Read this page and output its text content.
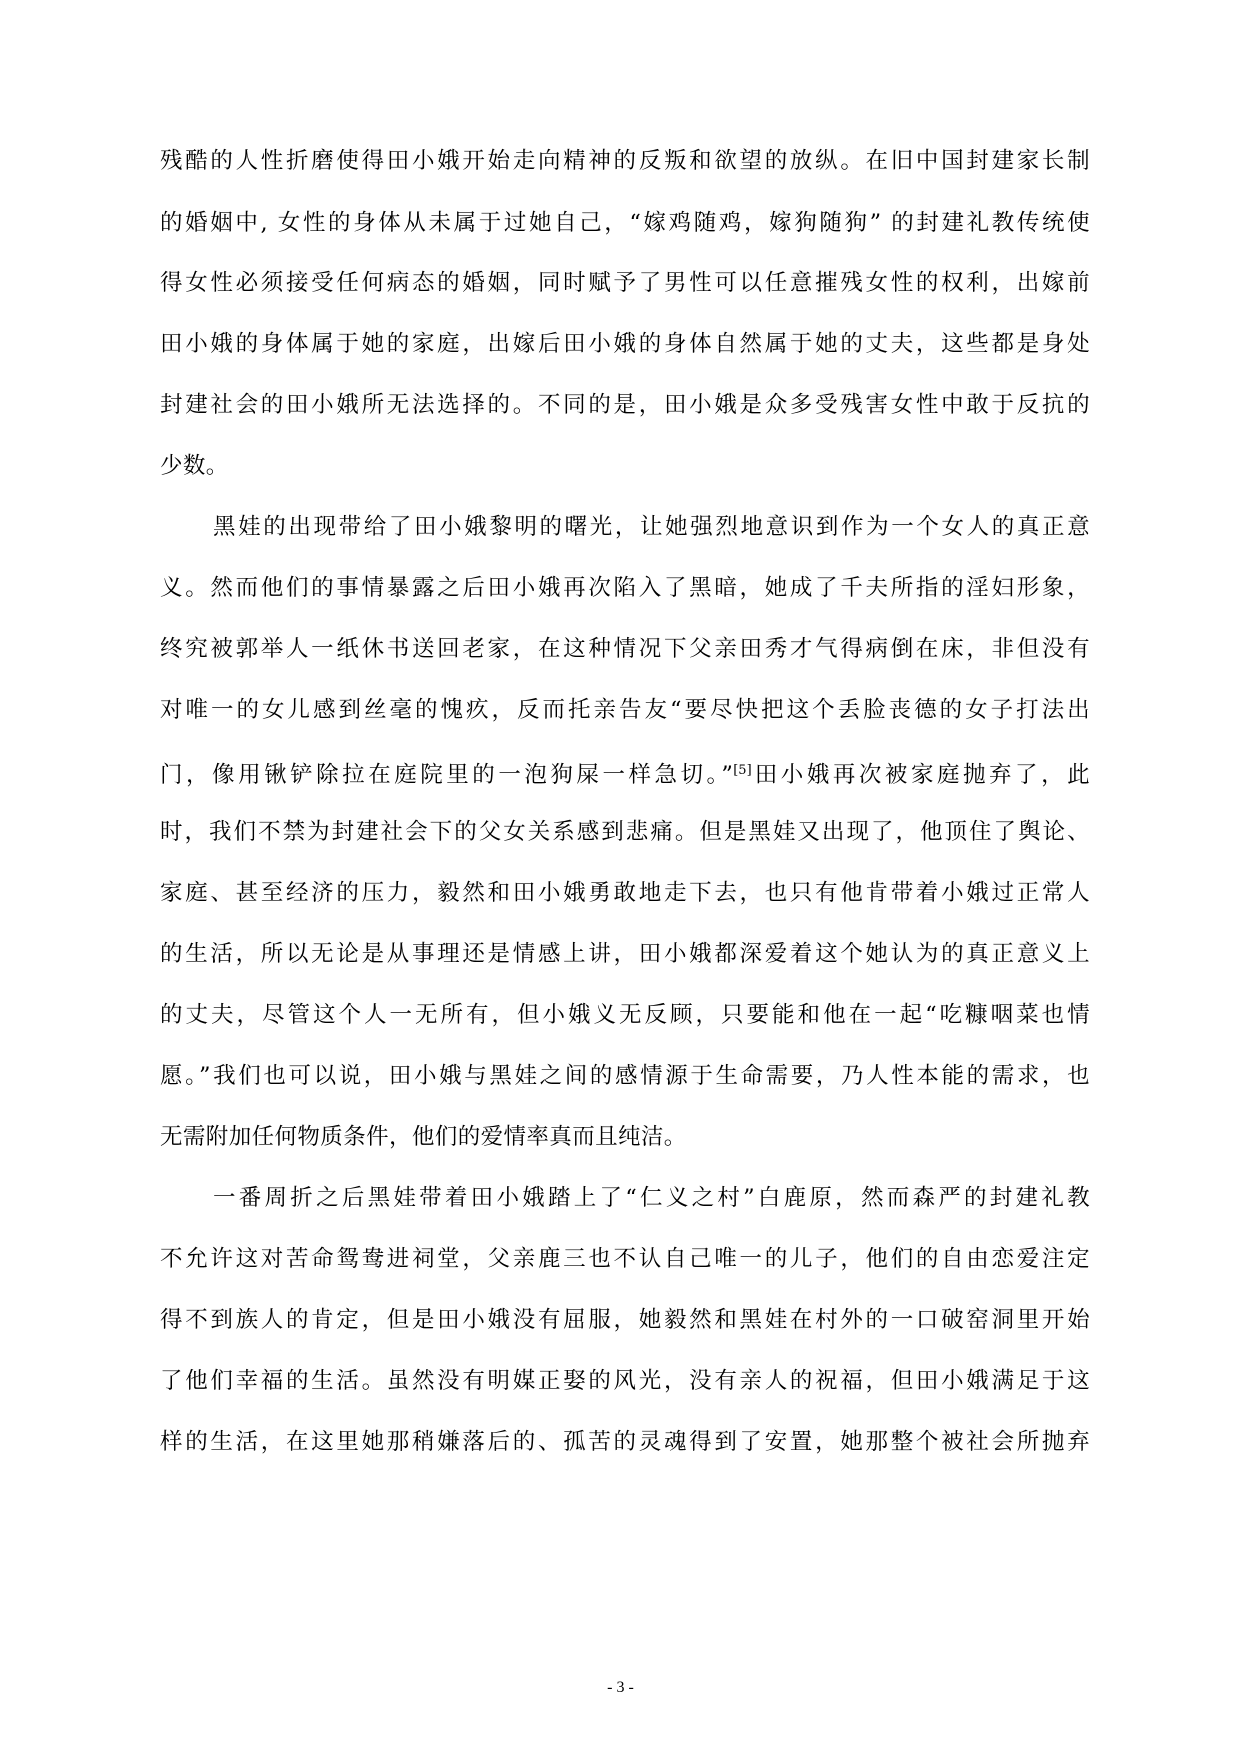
残酷的人性折磨使得田小娥开始走向精神的反叛和欲望的放纵。在旧中国封建家长制

的婚姻中, 女性的身体从未属于过她自己，“嫁鸡随鸡，嫁狗随狗” 的封建礼教传统使

得女性必须接受任何病态的婚姻，同时赋予了男性可以任意摧残女性的权利，出嫁前

田小娥的身体属于她的家庭，出嫁后田小娥的身体自然属于她的丈夫，这些都是身处

封建社会的田小娥所无法选择的。不同的是，田小娥是众多受残害女性中敢于反抗的

少数。

黑娃的出现带给了田小娥黎明的曙光，让她强烈地意识到作为一个女人的真正意

义。然而他们的事情暴露之后田小娥再次陷入了黑暗，她成了千夫所指的淫妇形象，

终究被郭举人一纸休书送回老家，在这种情况下父亲田秀才气得病倒在床，非但没有

对唯一的女儿感到丝毫的愧疚，反而托亲告友“要尽快把这个丢脸丧德的女子打法出

门，像用锹铲除拉在庭院里的一泡狗屎一样急切。”[5]田小娥再次被家庭抛弃了，此

时，我们不禁为封建社会下的父女关系感到悲痛。但是黑娃又出现了，他顶住了舆论、

家庭、甚至经济的压力，毅然和田小娥勇敢地走下去，也只有他肯带着小娥过正常人

的生活，所以无论是从事理还是情感上讲，田小娥都深爱着这个她认为的真正意义上

的丈夫，尽管这个人一无所有，但小娥义无反顾，只要能和他在一起“吃糠咽菜也情

愿。”我们也可以说，田小娥与黑娃之间的感情源于生命需要，乃人性本能的需求，也

无需附加任何物质条件，他们的爱情率真而且纯洁。

一番周折之后黑娃带着田小娥踏上了“仁义之村”白鹿原，然而森严的封建礼教

不允许这对苦命鸳鸯进祠堂，父亲鹿三也不认自己唯一的儿子，他们的自由恋爱注定

得不到族人的肯定，但是田小娥没有屈服，她毅然和黑娃在村外的一口破窑洞里开始

了他们幸福的生活。虽然没有明媒正娶的风光，没有亲人的祝福，但田小娥满足于这

样的生活，在这里她那稍嫌落后的、孤苦的灵魂得到了安置，她那整个被社会所抛弃

- 3 -
